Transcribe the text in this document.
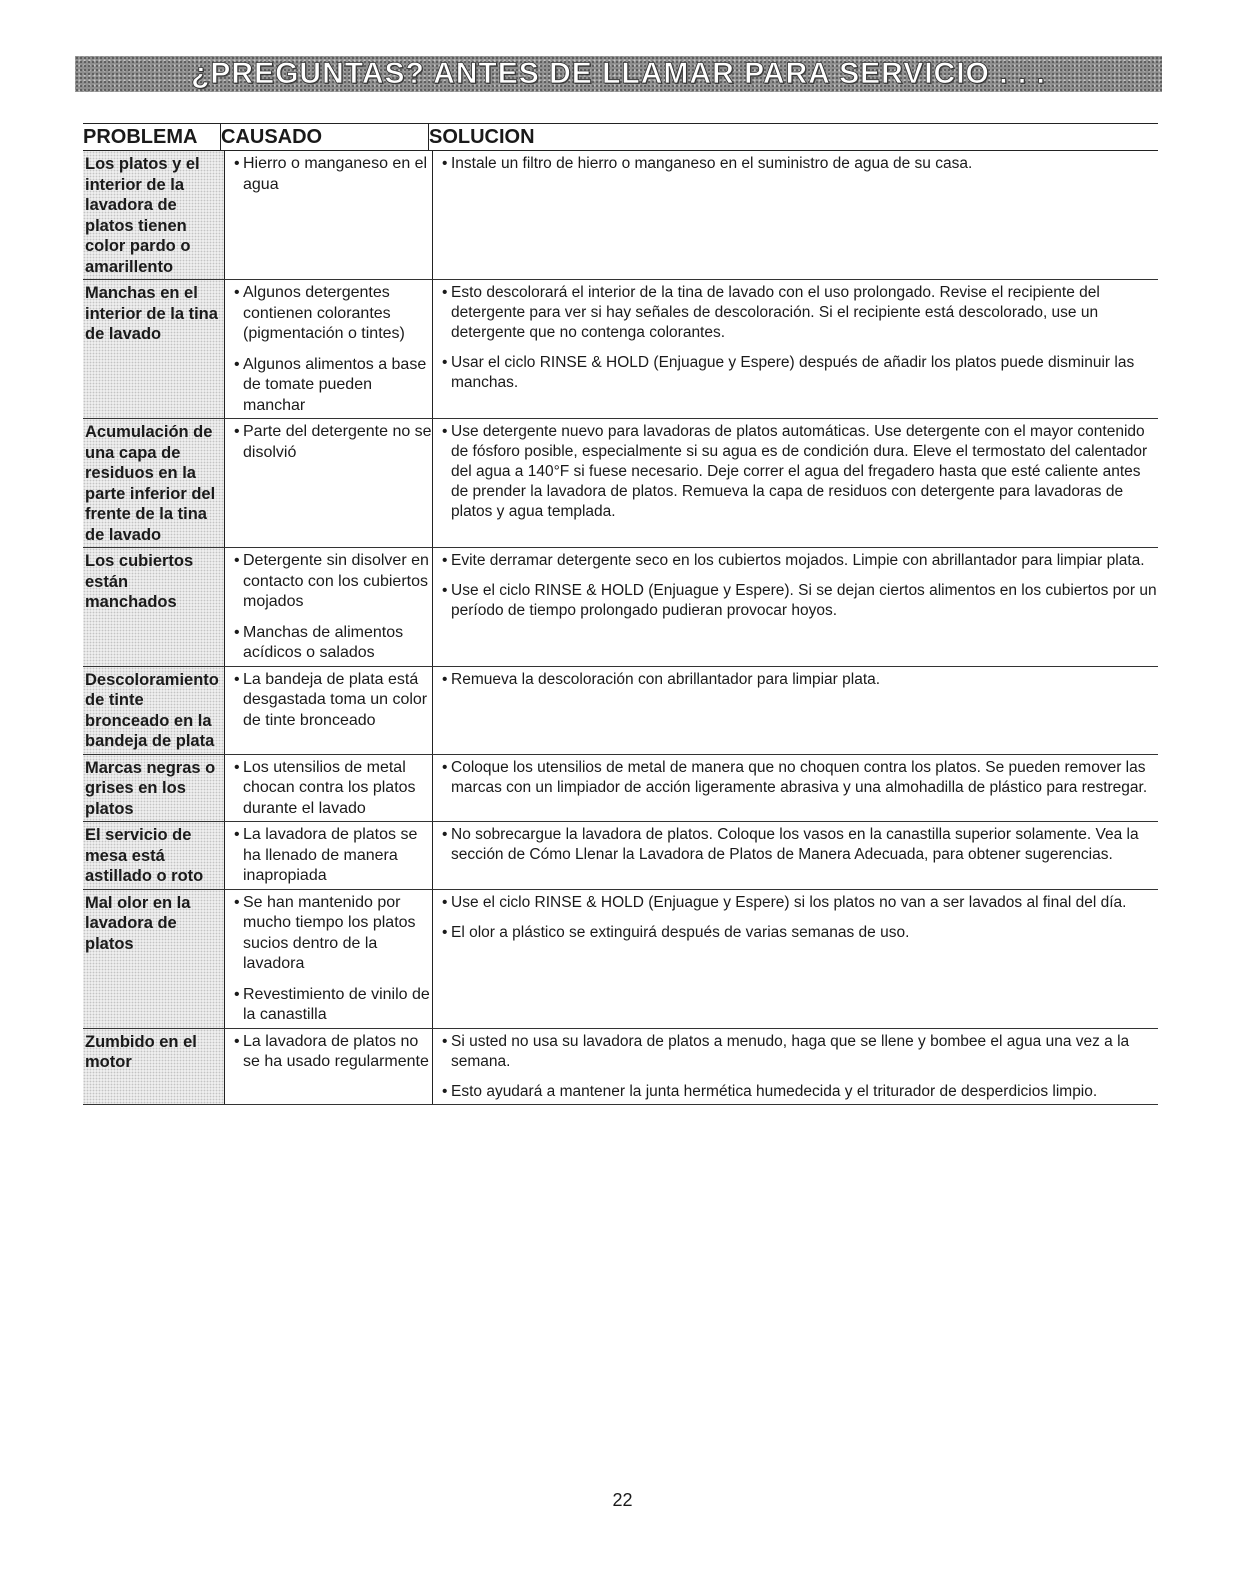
¿PREGUNTAS? ANTES DE LLAMAR PARA SERVICIO . . .
PROBLEMA	CAUSADO	SOLUCION
Los platos y el interior de la lavadora de platos tienen color pardo o amarillento
• Hierro o manganeso en el agua
• Instale un filtro de hierro o manganeso en el suministro de agua de su casa.
Manchas en el interior de la tina de lavado
• Algunos detergentes contienen colorantes (pigmentación o tintes)
• Algunos alimentos a base de tomate pueden manchar
• Esto descolorará el interior de la tina de lavado con el uso prolongado. Revise el recipiente del detergente para ver si hay señales de descoloración. Si el recipiente está descolorado, use un detergente que no contenga colorantes.
• Usar el ciclo RINSE & HOLD (Enjuague y Espere) después de añadir los platos puede disminuir las manchas.
Acumulación de una capa de residuos en la parte inferior del frente de la tina de lavado
• Parte del detergente no se disolvió
• Use detergente nuevo para lavadoras de platos automáticas. Use detergente con el mayor contenido de fósforo posible, especialmente si su agua es de condición dura. Eleve el termostato del calentador del agua a 140°F si fuese necesario. Deje correr el agua del fregadero hasta que esté caliente antes de prender la lavadora de platos. Remueva la capa de residuos con detergente para lavadoras de platos y agua templada.
Los cubiertos están manchados
• Detergente sin disolver en contacto con los cubiertos mojados
• Manchas de alimentos acídicos o salados
• Evite derramar detergente seco en los cubiertos mojados. Limpie con abrillantador para limpiar plata.
• Use el ciclo RINSE & HOLD (Enjuague y Espere). Si se dejan ciertos alimentos en los cubiertos por un período de tiempo prolongado pudieran provocar hoyos.
Descoloramiento de tinte bronceado en la bandeja de plata
• La bandeja de plata está desgastada toma un color de tinte bronceado
• Remueva la descoloración con abrillantador para limpiar plata.
Marcas negras o grises en los platos
• Los utensilios de metal chocan contra los platos durante el lavado
• Coloque los utensilios de metal de manera que no choquen contra los platos. Se pueden remover las marcas con un limpiador de acción ligeramente abrasiva y una almohadilla de plástico para restregar.
El servicio de mesa está astillado o roto
• La lavadora de platos se ha llenado de manera inapropiada
• No sobrecargue la lavadora de platos. Coloque los vasos en la canastilla superior solamente. Vea la sección de Cómo Llenar la Lavadora de Platos de Manera Adecuada, para obtener sugerencias.
Mal olor en la lavadora de platos
• Se han mantenido por mucho tiempo los platos sucios dentro de la lavadora
• Revestimiento de vinilo de la canastilla
• Use el ciclo RINSE & HOLD (Enjuague y Espere) si los platos no van a ser lavados al final del día.
• El olor a plástico se extinguirá después de varias semanas de uso.
Zumbido en el motor
• La lavadora de platos no se ha usado regularmente
• Si usted no usa su lavadora de platos a menudo, haga que se llene y bombee el agua una vez a la semana.
• Esto ayudará a mantener la junta hermética humedecida y el triturador de desperdicios limpio.
22
